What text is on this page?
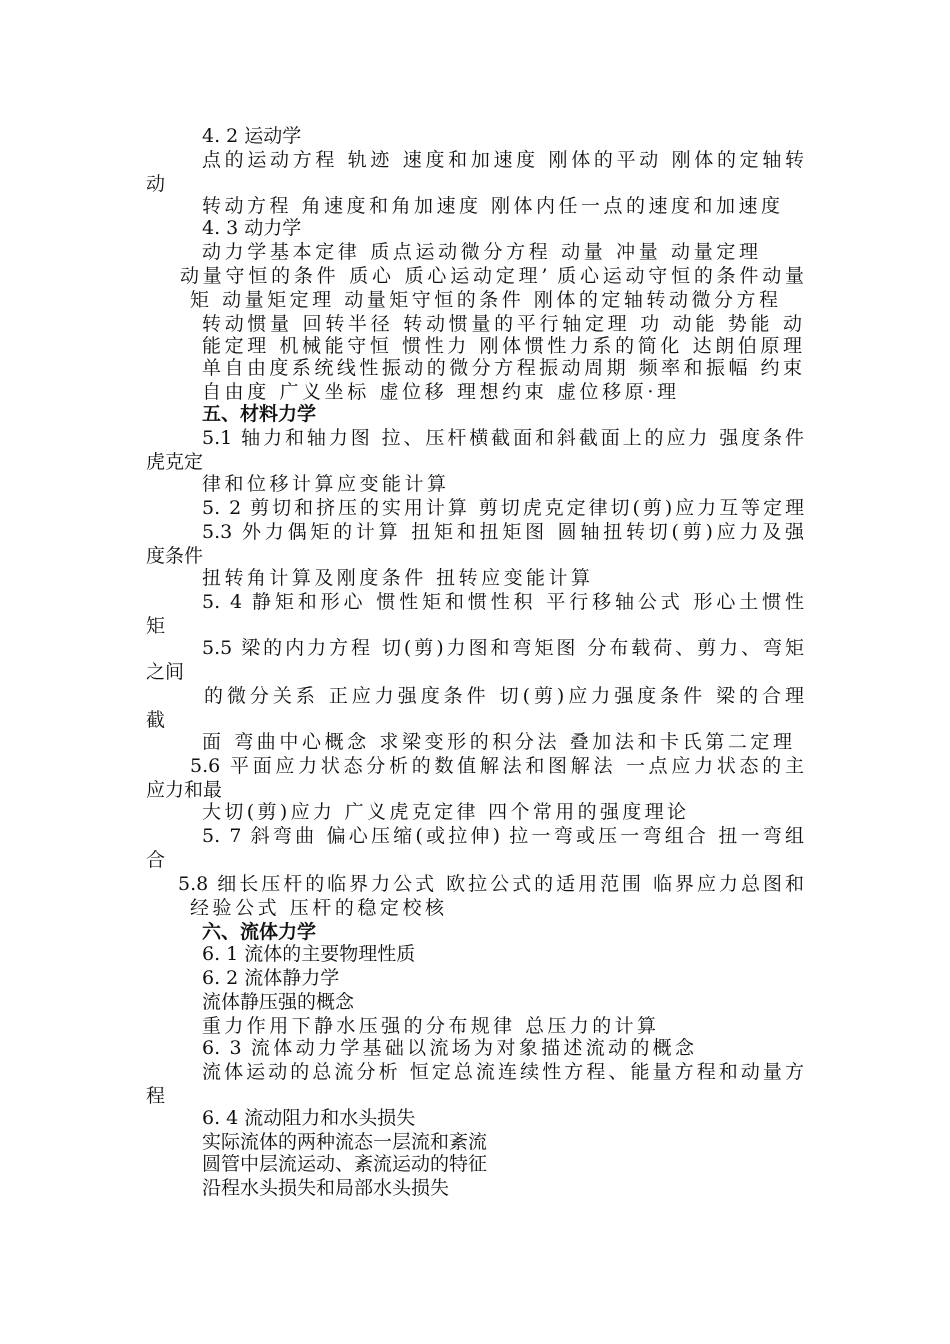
4. 2 运动学
点的运动方程 轨迹 速度和加速度 刚体的平动 刚体的定轴转
动
转动方程 角速度和角加速度 刚体内任一点的速度和加速度
4. 3 动力学
动力学基本定律 质点运动微分方程 动量 冲量 动量定理
动量守恒的条件 质心 质心运动定理’ 质心运动守恒的条件动量
矩 动量矩定理 动量矩守恒的条件 刚体的定轴转动微分方程
转动惯量 回转半径 转动惯量的平行轴定理 功 动能 势能 动
能定理 机械能守恒 惯性力 刚体惯性力系的简化 达朗伯原理
单自由度系统线性振动的微分方程振动周期 频率和振幅 约束
自由度 广义坐标 虚位移 理想约束 虚位移原·理
五、材料力学
5.1 轴力和轴力图 拉、压杆横截面和斜截面上的应力 强度条件
虎克定
律和位移计算应变能计算
5. 2 剪切和挤压的实用计算 剪切虎克定律切(剪)应力互等定理
5.3 外力偶矩的计算 扭矩和扭矩图 圆轴扭转切(剪)应力及强
度条件
扭转角计算及刚度条件 扭转应变能计算
5. 4 静矩和形心 惯性矩和惯性积 平行移轴公式 形心土惯性
矩
5.5 梁的内力方程 切(剪)力图和弯矩图 分布载荷、剪力、弯矩
之间
的微分关系 正应力强度条件 切(剪)应力强度条件 梁的合理
截
面 弯曲中心概念 求梁变形的积分法 叠加法和卡氏第二定理
5.6 平面应力状态分析的数值解法和图解法 一点应力状态的主
应力和最
大切(剪)应力 广义虎克定律 四个常用的强度理论
5. 7 斜弯曲 偏心压缩(或拉伸) 拉一弯或压一弯组合 扭一弯组
合
5.8 细长压杆的临界力公式 欧拉公式的适用范围 临界应力总图和
经验公式 压杆的稳定校核
六、流体力学
6. 1 流体的主要物理性质
6. 2 流体静力学
流体静压强的概念
重力作用下静水压强的分布规律 总压力的计算
6. 3 流体动力学基础以流场为对象描述流动的概念
流体运动的总流分析 恒定总流连续性方程、能量方程和动量方
程
6. 4 流动阻力和水头损失
实际流体的两种流态一层流和紊流
圆管中层流运动、紊流运动的特征
沿程水头损失和局部水头损失
